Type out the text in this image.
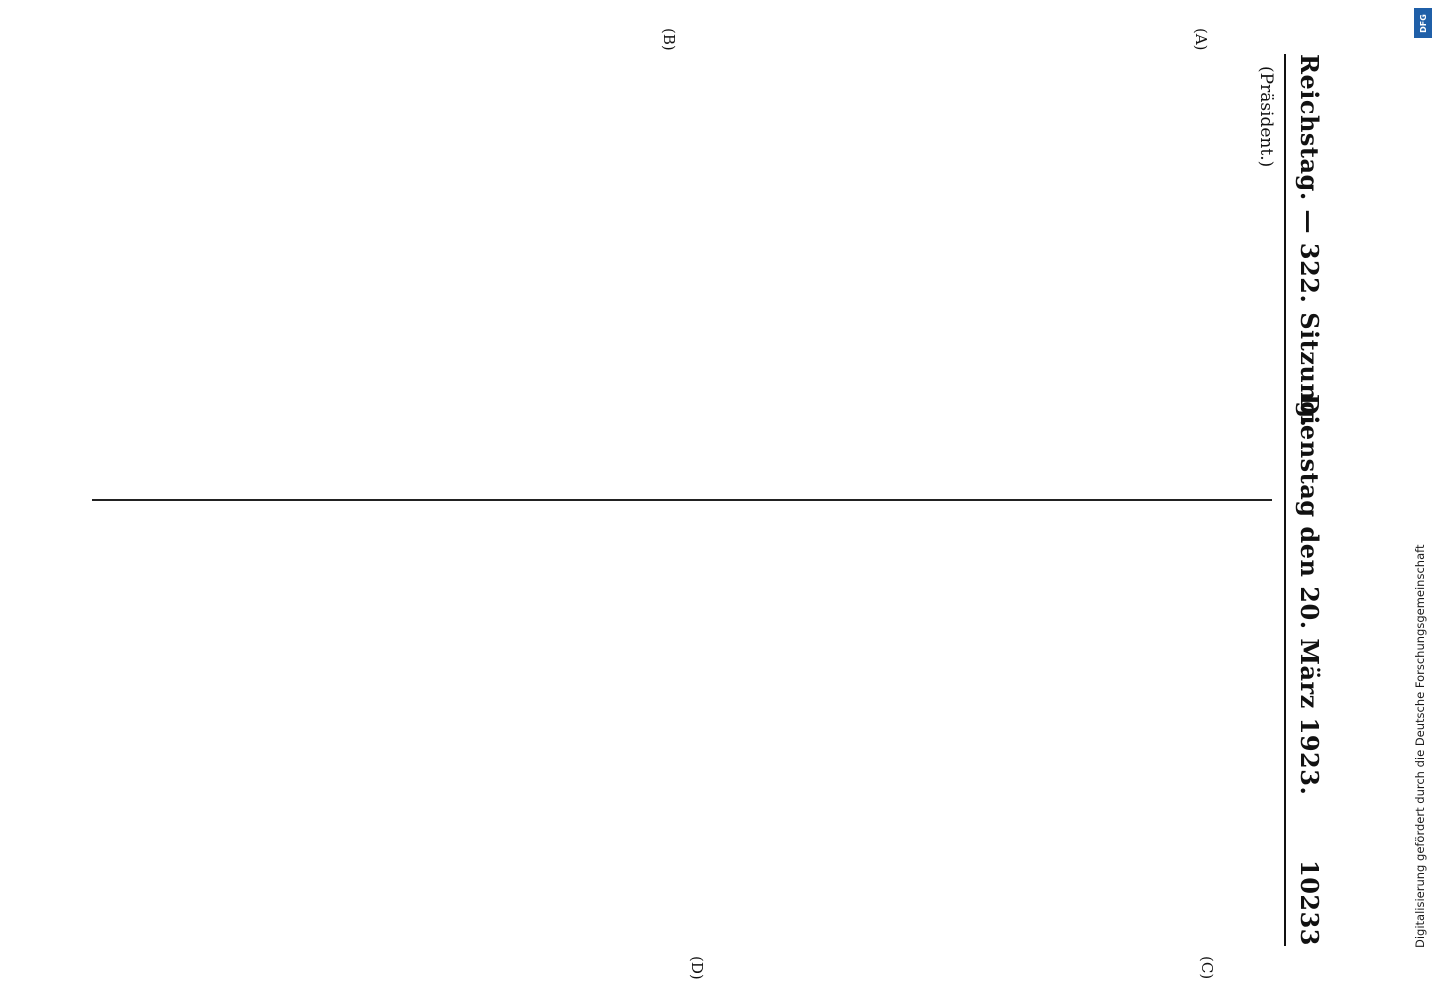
Reichstag. — 322. Sitzung.
Dienstag den 20. März 1923.
10233
(Präsident.)
(A)
(B)
(C)
(D)
DFG
Digitalisierung gefördert durch die Deutsche Forschungsgemeinschaft
